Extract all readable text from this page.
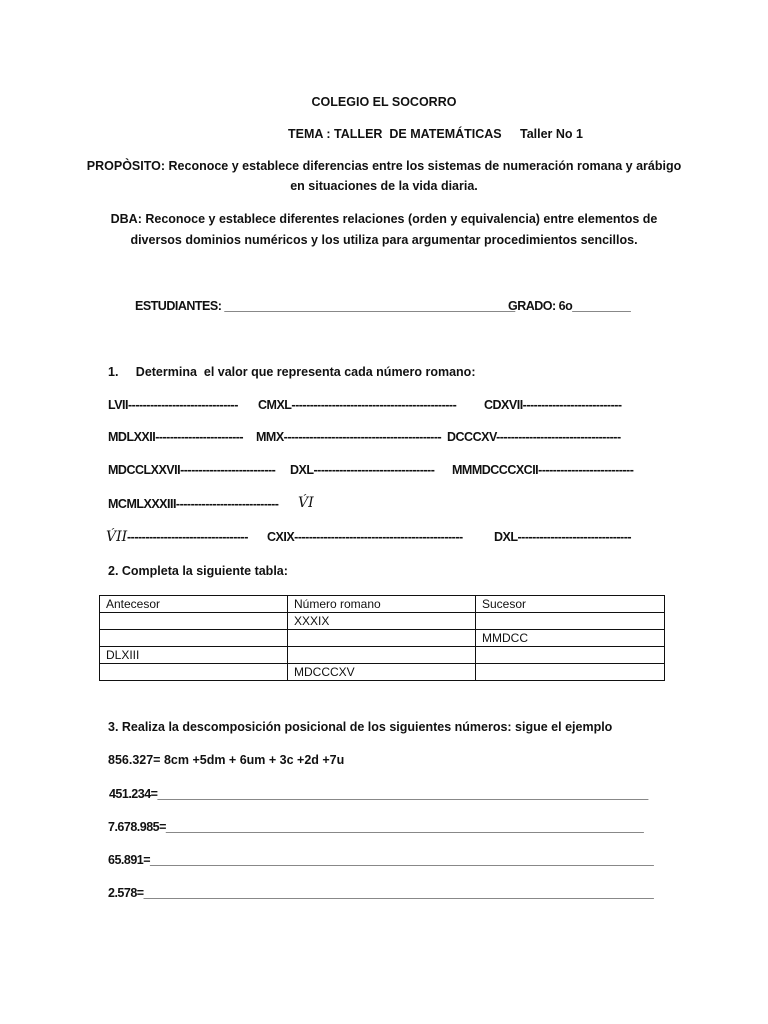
COLEGIO EL SOCORRO
TEMA : TALLER  DE MATEMÁTICAS Taller No 1
PROPÒSITO: Reconoce y establece diferencias entre los sistemas de numeración romana y arábigo
en situaciones de la vida diaria.
DBA: Reconoce y establece diferentes relaciones (orden y equivalencia) entre elementos de
diversos dominios numéricos y los utiliza para argumentar procedimientos sencillos.
ESTUDIANTES: _____________________________________________
GRADO: 6o_________
1.     Determina  el valor que representa cada número romano:
LVII------------------------------ CMXL--------------------------------------------- CDXVII---------------------------
MDLXXII------------------------ MMX------------------------------------------- DCCCXV----------------------------------
MDCCLXXVII-------------------------- DXL--------------------------------- MMMDCCCXCII--------------------------
MCMLXXXIII---------------------------- V́I
V́II --------------------------------- CXIX----------------------------------------------	DXL-------------------------------
2. Completa la siguiente tabla:
Antecesor	Número romano	Sucesor
	XXXIX	
		MMDCC
DLXIII		
	MDCCCXV	
3. Realiza la descomposición posicional de los siguientes números: sigue el ejemplo
856.327= 8cm +5dm + 6um + 3c +2d +7u
451.234=____________________________________________________________________________
7.678.985=__________________________________________________________________________
65.891=______________________________________________________________________________
2.578=_______________________________________________________________________________
